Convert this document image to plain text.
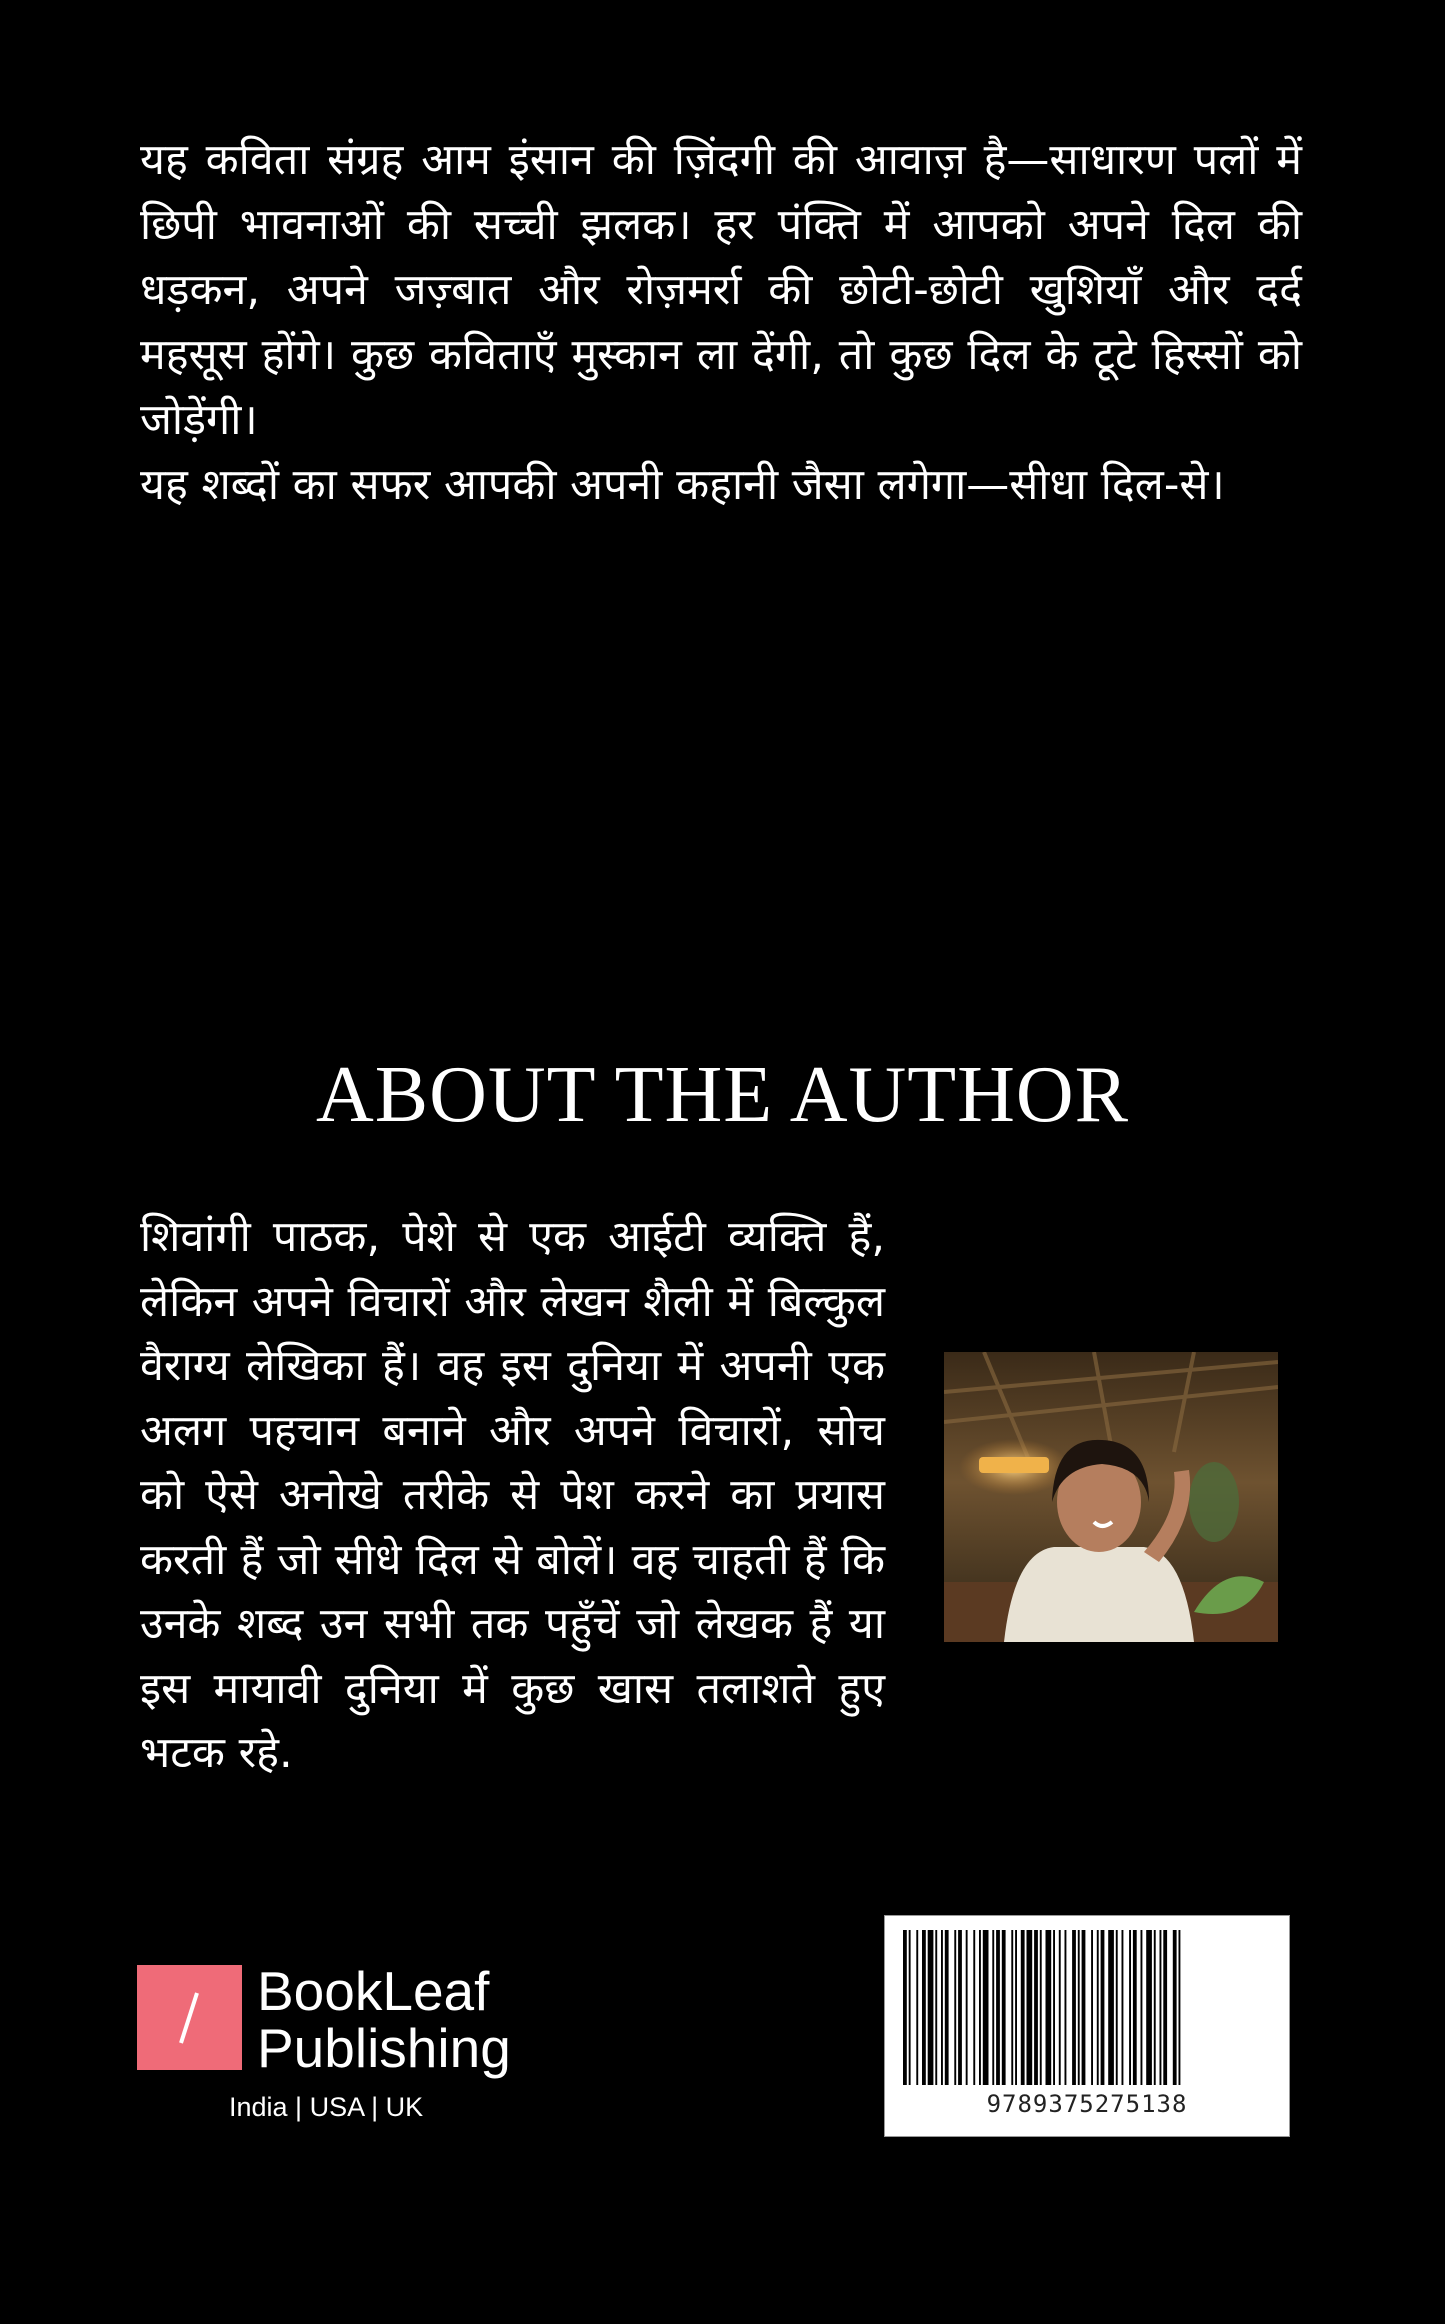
यह कविता संग्रह आम इंसान की ज़िंदगी की आवाज़ है—साधारण पलों में छिपी भावनाओं की सच्ची झलक। हर पंक्ति में आपको अपने दिल की धड़कन, अपने जज़्बात और रोज़मर्रा की छोटी-छोटी खुशियाँ और दर्द महसूस होंगे। कुछ कविताएँ मुस्कान ला देंगी, तो कुछ दिल के टूटे हिस्सों को जोड़ेंगी।

यह शब्दों का सफर आपकी अपनी कहानी जैसा लगेगा—सीधा दिल-से।

ABOUT THE AUTHOR
शिवांगी पाठक, पेशे से एक आईटी व्यक्ति हैं, लेकिन अपने विचारों और लेखन शैली में बिल्कुल वैराग्य लेखिका हैं। वह इस दुनिया में अपनी एक अलग पहचान बनाने और अपने विचारों, सोच को ऐसे अनोखे तरीके से पेश करने का प्रयास करती हैं जो सीधे दिल से बोलें। वह चाहती हैं कि उनके शब्द उन सभी तक पहुँचें जो लेखक हैं या इस मायावी दुनिया में कुछ खास तलाशते हुए भटक रहे.
BookLeaf
Publishing
India | USA | UK	9789375275138
